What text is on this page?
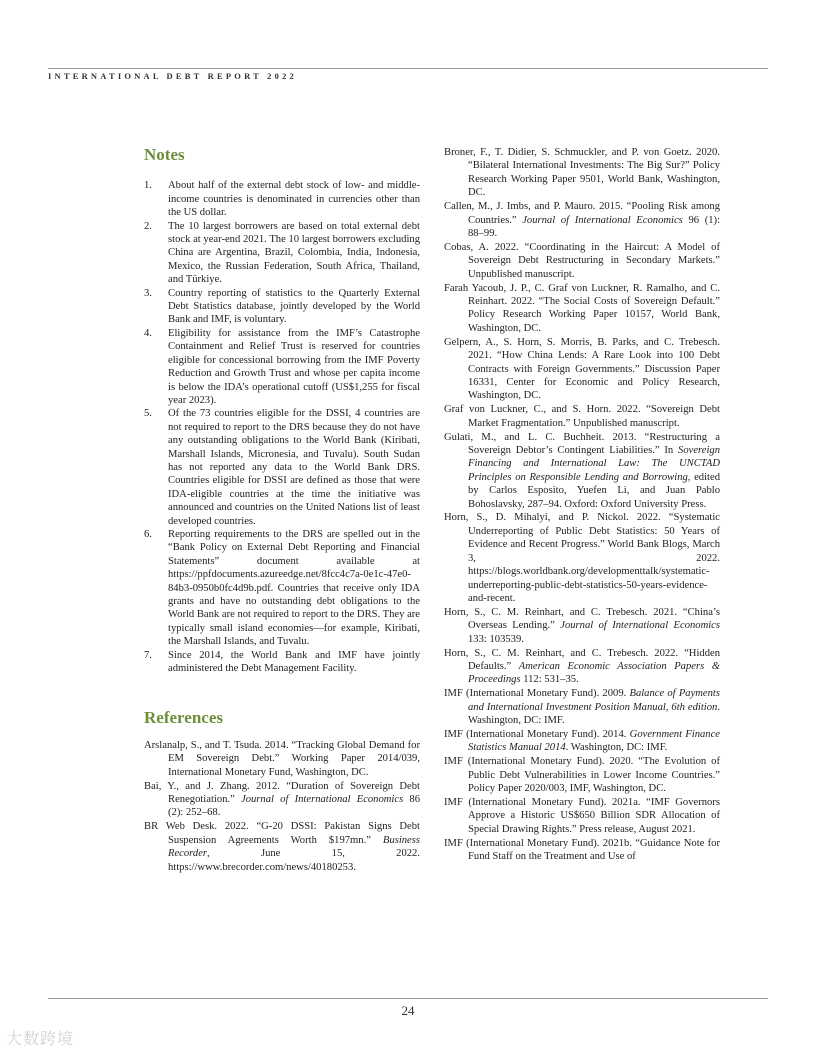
INTERNATIONAL DEBT REPORT 2022
Notes
1. About half of the external debt stock of low- and middle-income countries is denominated in currencies other than the US dollar.
2. The 10 largest borrowers are based on total external debt stock at year-end 2021. The 10 largest borrowers excluding China are Argentina, Brazil, Colombia, India, Indonesia, Mexico, the Russian Federation, South Africa, Thailand, and Türkiye.
3. Country reporting of statistics to the Quarterly External Debt Statistics database, jointly developed by the World Bank and IMF, is voluntary.
4. Eligibility for assistance from the IMF’s Catastrophe Containment and Relief Trust is reserved for countries eligible for concessional borrowing from the IMF Poverty Reduction and Growth Trust and whose per capita income is below the IDA’s operational cutoff (US$1,255 for fiscal year 2023).
5. Of the 73 countries eligible for the DSSI, 4 countries are not required to report to the DRS because they do not have any outstanding obligations to the World Bank (Kiribati, Marshall Islands, Micronesia, and Tuvalu). South Sudan has not reported any data to the World Bank DRS. Countries eligible for DSSI are defined as those that were IDA-eligible countries at the time the initiative was announced and countries on the United Nations list of least developed countries.
6. Reporting requirements to the DRS are spelled out in the “Bank Policy on External Debt Reporting and Financial Statements” document available at https://ppfdocuments.azureedge.net/8fcc4c7a-0e1c-47e0-84b3-0950b0fc4d9b.pdf. Countries that receive only IDA grants and have no outstanding debt obligations to the World Bank are not required to report to the DRS. They are typically small island economies—for example, Kiribati, the Marshall Islands, and Tuvalu.
7. Since 2014, the World Bank and IMF have jointly administered the Debt Management Facility.
References

Arslanalp, S., and T. Tsuda. 2014. “Tracking Global Demand for EM Sovereign Debt.” Working Paper 2014/039, International Monetary Fund, Washington, DC.

Bai, Y., and J. Zhang. 2012. “Duration of Sovereign Debt Renegotiation.” Journal of International Economics 86 (2): 252–68.

BR Web Desk. 2022. “G-20 DSSI: Pakistan Signs Debt Suspension Agreements Worth $197mn.” Business Recorder, June 15, 2022. https://www.brecorder.com/news/40180253.

Broner, F., T. Didier, S. Schmuckler, and P. von Goetz. 2020. “Bilateral International Investments: The Big Sur?” Policy Research Working Paper 9501, World Bank, Washington, DC.

Callen, M., J. Imbs, and P. Mauro. 2015. “Pooling Risk among Countries.” Journal of International Economics 96 (1): 88–99.

Cobas, A. 2022. “Coordinating in the Haircut: A Model of Sovereign Debt Restructuring in Secondary Markets.” Unpublished manuscript.

Farah Yacoub, J. P., C. Graf von Luckner, R. Ramalho, and C. Reinhart. 2022. “The Social Costs of Sovereign Default.” Policy Research Working Paper 10157, World Bank, Washington, DC.

Gelpern, A., S. Horn, S. Morris, B. Parks, and C. Trebesch. 2021. “How China Lends: A Rare Look into 100 Debt Contracts with Foreign Governments.” Discussion Paper 16331, Center for Economic and Policy Research, Washington, DC.

Graf von Luckner, C., and S. Horn. 2022. “Sovereign Debt Market Fragmentation.” Unpublished manuscript.

Gulati, M., and L. C. Buchheit. 2013. “Restructuring a Sovereign Debtor’s Contingent Liabilities.” In Sovereign Financing and International Law: The UNCTAD Principles on Responsible Lending and Borrowing, edited by Carlos Esposito, Yuefen Li, and Juan Pablo Bohoslavsky, 287–94. Oxford: Oxford University Press.

Horn, S., D. Mihalyi, and P. Nickol. 2022. “Systematic Underreporting of Public Debt Statistics: 50 Years of Evidence and Recent Progress.” World Bank Blogs, March 3, 2022. https://blogs.worldbank.org/developmenttalk/systematic-underreporting-public-debt-statistics-50-years-evidence-and-recent.

Horn, S., C. M. Reinhart, and C. Trebesch. 2021. “China’s Overseas Lending.” Journal of International Economics 133: 103539.

Horn, S., C. M. Reinhart, and C. Trebesch. 2022. “Hidden Defaults.” American Economic Association Papers & Proceedings 112: 531–35.

IMF (International Monetary Fund). 2009. Balance of Payments and International Investment Position Manual, 6th edition. Washington, DC: IMF.

IMF (International Monetary Fund). 2014. Government Finance Statistics Manual 2014. Washington, DC: IMF.

IMF (International Monetary Fund). 2020. “The Evolution of Public Debt Vulnerabilities in Lower Income Countries.” Policy Paper 2020/003, IMF, Washington, DC.

IMF (International Monetary Fund). 2021a. “IMF Governors Approve a Historic US$650 Billion SDR Allocation of Special Drawing Rights.” Press release, August 2021.

IMF (International Monetary Fund). 2021b. “Guidance Note for Fund Staff on the Treatment and Use of

24
大数跨境
